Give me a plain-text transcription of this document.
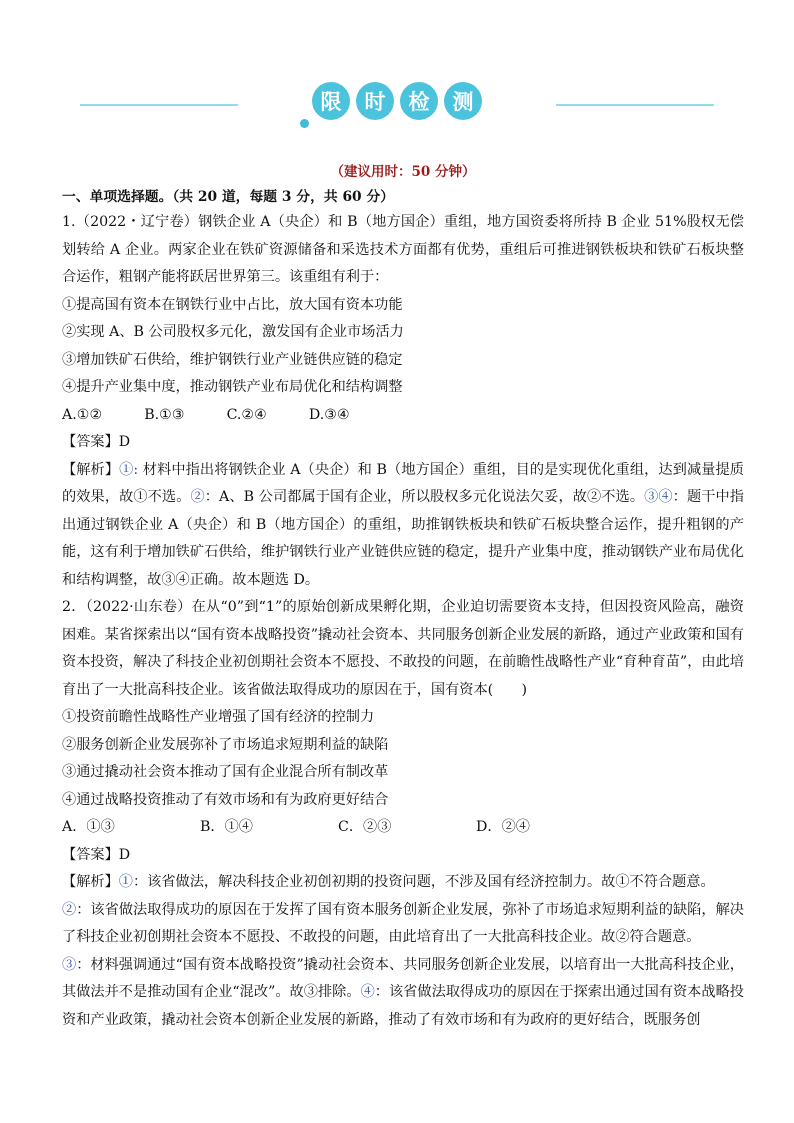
限	时	检	测
（建议用时：50 分钟）
一、单项选择题。（共 20 道，每题 3 分，共 60 分）

1.（2022・辽宁卷）钢铁企业 A（央企）和 B（地方国企）重组，地方国资委将所持 B 企业 51%股权无偿划转给 A 企业。两家企业在铁矿资源储备和采选技术方面都有优势，重组后可推进钢铁板块和铁矿石板块整合运作，粗钢产能将跃居世界第三。该重组有利于：

①提高国有资本在钢铁行业中占比，放大国有资本功能

②实现 A、B 公司股权多元化，激发国有企业市场活力

③增加铁矿石供给，维护钢铁行业产业链供应链的稳定

④提升产业集中度，推动钢铁产业布局优化和结构调整

A.①②	B.①③	C.②④	D.③④

【答案】D

【解析】①: 材料中指出将钢铁企业 A（央企）和 B（地方国企）重组，目的是实现优化重组，达到减量提质的效果，故①不选。②：A、B 公司都属于国有企业，所以股权多元化说法欠妥，故②不选。③④：题干中指出通过钢铁企业 A（央企）和 B（地方国企）的重组，助推钢铁板块和铁矿石板块整合运作，提升粗钢的产能，这有利于增加铁矿石供给，维护钢铁行业产业链供应链的稳定，提升产业集中度，推动钢铁产业布局优化和结构调整，故③④正确。故本题选 D。

2．（2022·山东卷）在从“0”到“1”的原始创新成果孵化期，企业迫切需要资本支持，但因投资风险高，融资困难。某省探索出以“国有资本战略投资”撬动社会资本、共同服务创新企业发展的新路，通过产业政策和国有资本投资，解决了科技企业初创期社会资本不愿投、不敢投的问题，在前瞻性战略性产业“育种育苗”，由此培育出了一大批高科技企业。该省做法取得成功的原因在于，国有资本(　　)

①投资前瞻性战略性产业增强了国有经济的控制力

②服务创新企业发展弥补了市场追求短期利益的缺陷

③通过撬动社会资本推动了国有企业混合所有制改革

④通过战略投资推动了有效市场和有为政府更好结合

A．①③	B．①④	C．②③	D．②④

【答案】D

【解析】①：该省做法，解决科技企业初创初期的投资问题，不涉及国有经济控制力。故①不符合题意。
②：该省做法取得成功的原因在于发挥了国有资本服务创新企业发展，弥补了市场追求短期利益的缺陷，解决了科技企业初创期社会资本不愿投、不敢投的问题，由此培育出了一大批高科技企业。故②符合题意。
③：材料强调通过“国有资本战略投资”撬动社会资本、共同服务创新企业发展，以培育出一大批高科技企业，其做法并不是推动国有企业“混改”。故③排除。④：该省做法取得成功的原因在于探索出通过国有资本战略投资和产业政策，撬动社会资本创新企业发展的新路，推动了有效市场和有为政府的更好结合，既服务创
